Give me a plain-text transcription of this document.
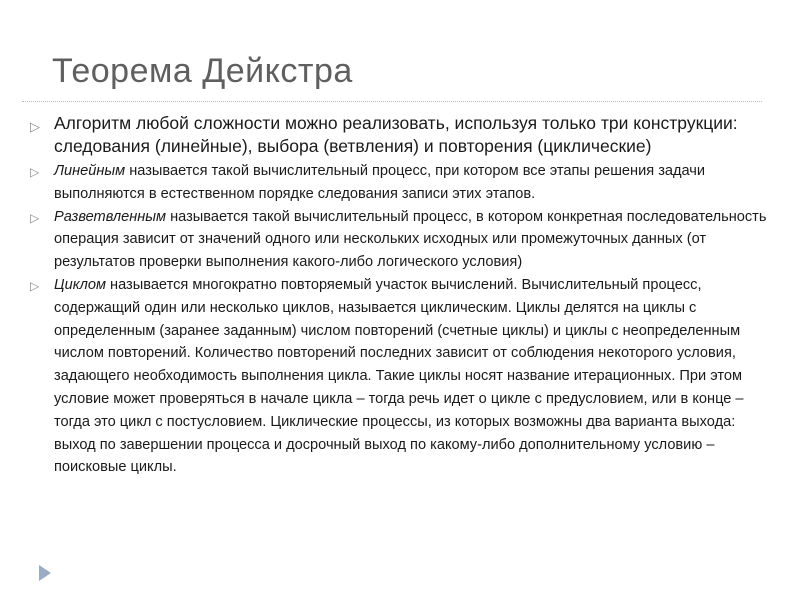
Теорема Дейкстра
▷ Алгоритм любой сложности можно реализовать, используя только три конструкции: следования (линейные), выбора (ветвления) и повторения (циклические)
▷ Линейным называется такой вычислительный процесс, при котором все этапы решения задачи выполняются в естественном порядке следования записи этих этапов.
▷ Разветвленным называется такой вычислительный процесс, в котором конкретная последовательность операция зависит от значений одного или нескольких исходных или промежуточных данных (от результатов проверки выполнения какого-либо логического условия)
▷ Циклом называется многократно повторяемый участок вычислений. Вычислительный процесс, содержащий один или несколько циклов, называется циклическим. Циклы делятся на циклы с определенным (заранее заданным) числом повторений (счетные циклы) и циклы с неопределенным числом повторений. Количество повторений последних зависит от соблюдения некоторого условия, задающего необходимость выполнения цикла. Такие циклы носят название итерационных. При этом условие может проверяться в начале цикла – тогда речь идет о цикле с предусловием, или в конце – тогда это цикл с постусловием. Циклические процессы, из которых возможны два варианта выхода: выход по завершении процесса и досрочный выход по какому-либо дополнительному условию – поисковые циклы.
